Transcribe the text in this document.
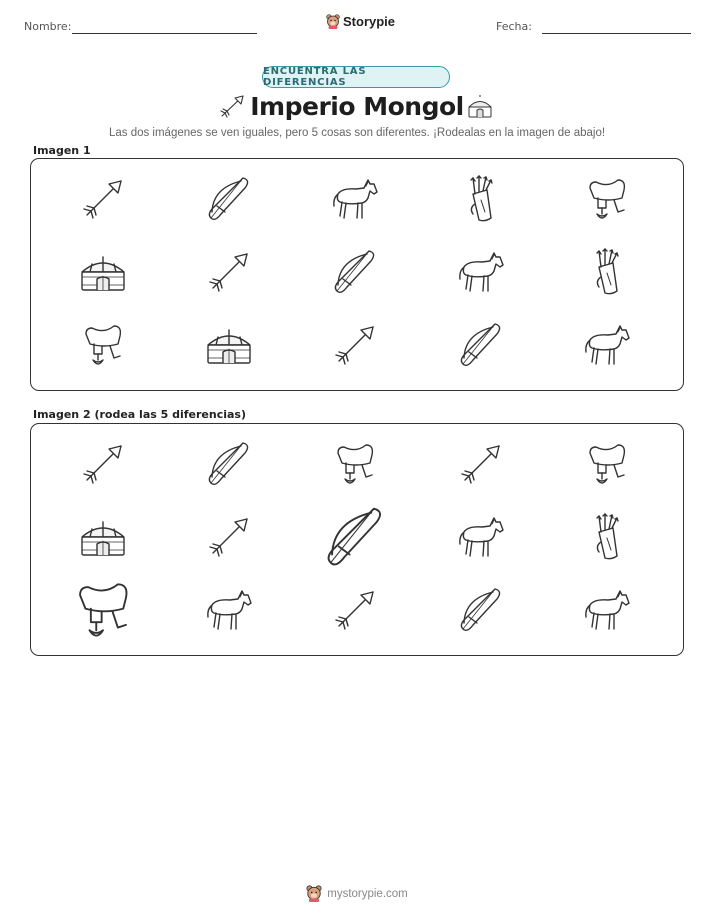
Nombre:	Storypie	Fecha:
ENCUENTRA LAS DIFERENCIAS
Imperio Mongol
Las dos imágenes se ven iguales, pero 5 cosas son diferentes. ¡Rodealas en la imagen de abajo!
Imagen 1
Imagen 2 (rodea las 5 diferencias)
mystorypie.com
